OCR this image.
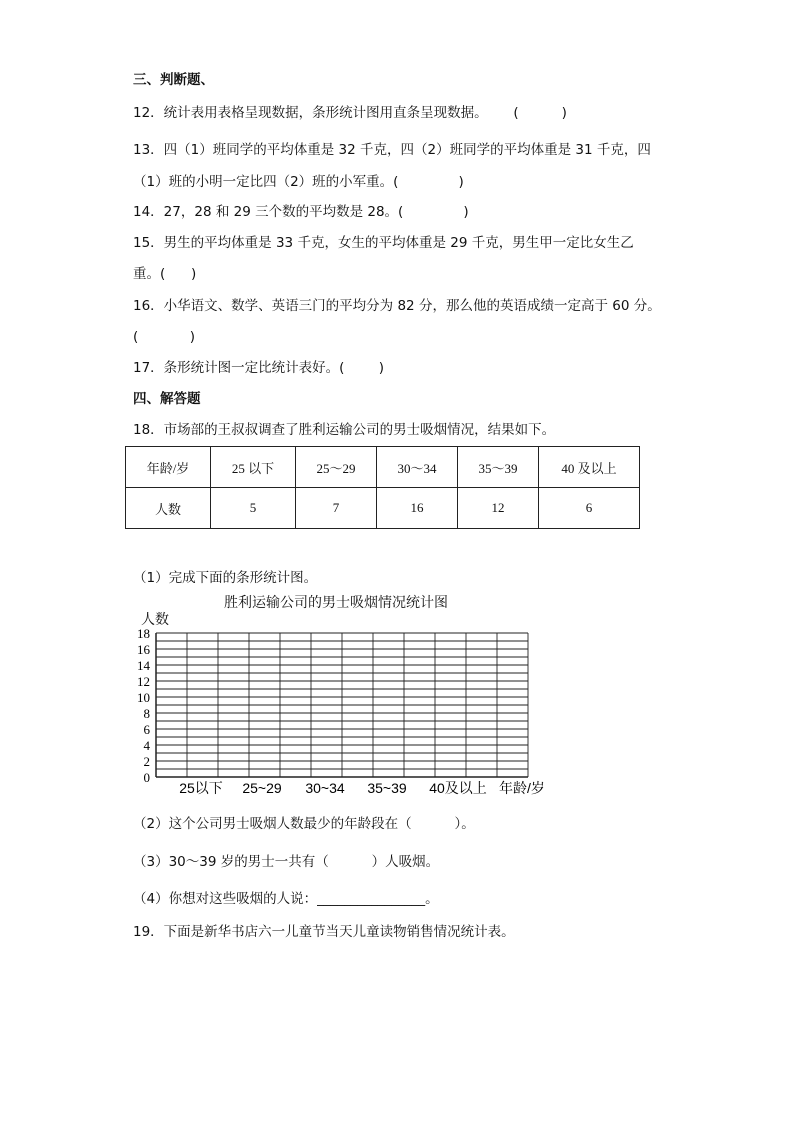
三、判断题、
12．统计表用表格呈现数据，条形统计图用直条呈现数据。      (          )
13．四（1）班同学的平均体重是 32 千克，四（2）班同学的平均体重是 31 千克，四
（1）班的小明一定比四（2）班的小军重。(              )
14．27，28 和 29 三个数的平均数是 28。(              )
15．男生的平均体重是 33 千克，女生的平均体重是 29 千克，男生甲一定比女生乙
重。(      )
16．小华语文、数学、英语三门的平均分为 82 分，那么他的英语成绩一定高于 60 分。
(            )
17．条形统计图一定比统计表好。(        )
四、解答题
18．市场部的王叔叔调查了胜利运输公司的男士吸烟情况，结果如下。
年龄/岁	25 以下	25～29	30～34	35～39	40 及以上
人数	5	7	16	12	6
（1）完成下面的条形统计图。
胜利运输公司的男士吸烟情况统计图
人数
18
16
14
12
10
8
6
4
2
0
25以下 25~29 30~34 35~39 40及以上 年龄/岁
（2）这个公司男士吸烟人数最少的年龄段在（          ）。
（3）30～39 岁的男士一共有（          ）人吸烟。
（4）你想对这些吸烟的人说：________________。
19．下面是新华书店六一儿童节当天儿童读物销售情况统计表。
